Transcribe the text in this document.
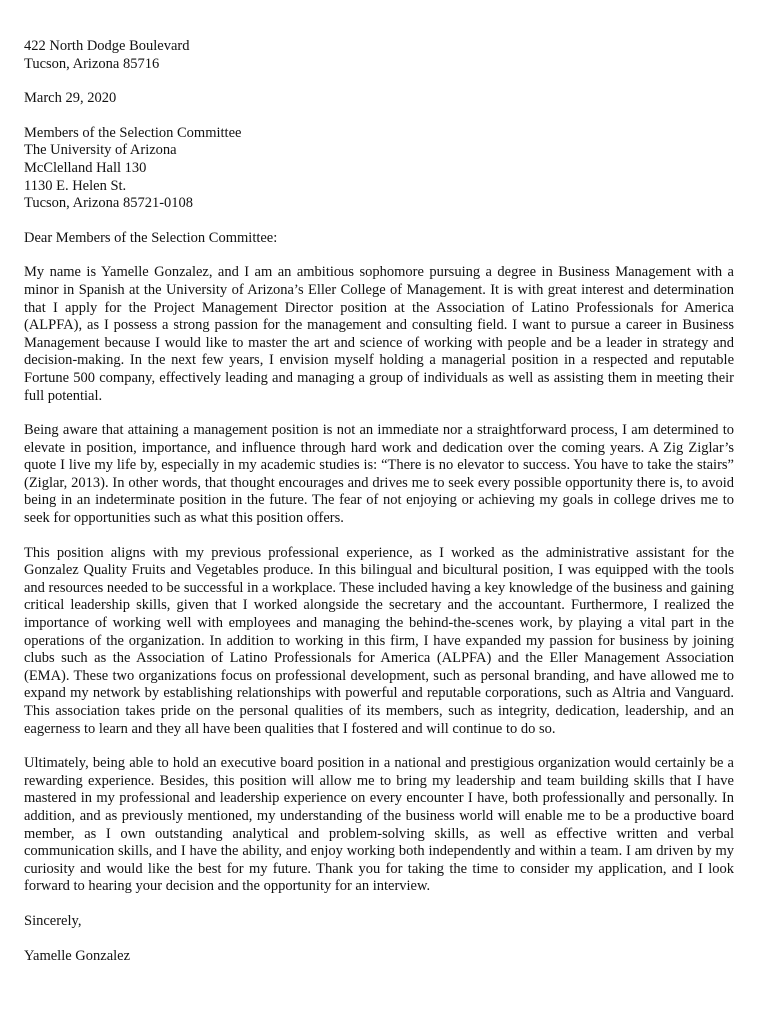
422 North Dodge Boulevard
Tucson, Arizona 85716
March 29, 2020
Members of the Selection Committee
The University of Arizona
McClelland Hall 130
1130 E. Helen St.
Tucson, Arizona 85721-0108
Dear Members of the Selection Committee:

My name is Yamelle Gonzalez, and I am an ambitious sophomore pursuing a degree in Business Management with a minor in Spanish at the University of Arizona’s Eller College of Management. It is with great interest and determination that I apply for the Project Management Director position at the Association of Latino Professionals for America (ALPFA), as I possess a strong passion for the management and consulting field. I want to pursue a career in Business Management because I would like to master the art and science of working with people and be a leader in strategy and decision-making. In the next few years, I envision myself holding a managerial position in a respected and reputable Fortune 500 company, effectively leading and managing a group of individuals as well as assisting them in meeting their full potential.

Being aware that attaining a management position is not an immediate nor a straightforward process, I am determined to elevate in position, importance, and influence through hard work and dedication over the coming years. A Zig Ziglar’s quote I live my life by, especially in my academic studies is: “There is no elevator to success. You have to take the stairs” (Ziglar, 2013). In other words, that thought encourages and drives me to seek every possible opportunity there is, to avoid being in an indeterminate position in the future. The fear of not enjoying or achieving my goals in college drives me to seek for opportunities such as what this position offers.

This position aligns with my previous professional experience, as I worked as the administrative assistant for the Gonzalez Quality Fruits and Vegetables produce. In this bilingual and bicultural position, I was equipped with the tools and resources needed to be successful in a workplace. These included having a key knowledge of the business and gaining critical leadership skills, given that I worked alongside the secretary and the accountant. Furthermore, I realized the importance of working well with employees and managing the behind-the-scenes work, by playing a vital part in the operations of the organization. In addition to working in this firm, I have expanded my passion for business by joining clubs such as the Association of Latino Professionals for America (ALPFA) and the Eller Management Association (EMA). These two organizations focus on professional development, such as personal branding, and have allowed me to expand my network by establishing relationships with powerful and reputable corporations, such as Altria and Vanguard. This association takes pride on the personal qualities of its members, such as integrity, dedication, leadership, and an eagerness to learn and they all have been qualities that I fostered and will continue to do so.

Ultimately, being able to hold an executive board position in a national and prestigious organization would certainly be a rewarding experience. Besides, this position will allow me to bring my leadership and team building skills that I have mastered in my professional and leadership experience on every encounter I have, both professionally and personally. In addition, and as previously mentioned, my understanding of the business world will enable me to be a productive board member, as I own outstanding analytical and problem-solving skills, as well as effective written and verbal communication skills, and I have the ability, and enjoy working both independently and within a team. I am driven by my curiosity and would like the best for my future. Thank you for taking the time to consider my application, and I look forward to hearing your decision and the opportunity for an interview.

Sincerely,

Yamelle Gonzalez
